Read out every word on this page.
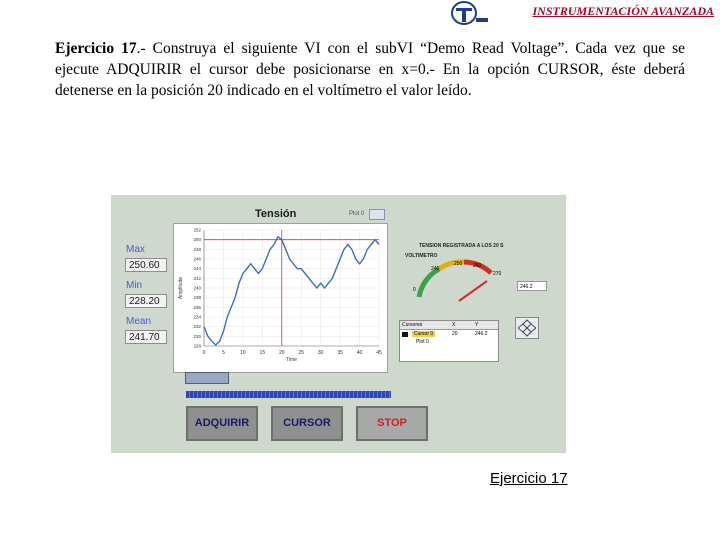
INSTRUMENTACIÓN AVANZADA
Ejercicio 17.- Construya el siguiente VI con el subVI “Demo Read Voltage”. Cada vez que se ejecute ADQUIRIR el cursor debe posicionarse en x=0.- En la opción CURSOR, éste deberá detenerse en la posición 20 indicado en el voltímetro el valor leído.
Tensión	Plot 0
Max
250.60
Min
228.20
Mean
241.70
228
230
232
234
236
238
240
242
244
246
248
250
252
0	5	10	15	20	25	30	35	40	45
Time
Amplitude
TENSION REGISTRADA A LOS 20 S
VOLTIMETRO
0
240
250 260
270
246.2
Cursores	X	Y
Cursor 0	20	246.2
Plot 0
ADQUIRIR	CURSOR	STOP
Ejercicio 17
